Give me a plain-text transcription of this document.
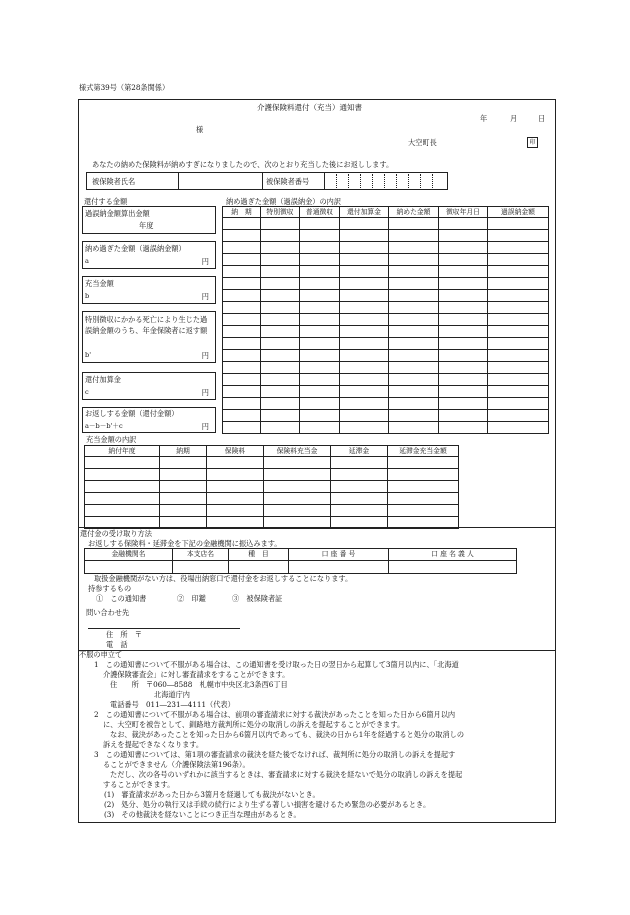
様式第39号（第28条関係）
介護保険料還付（充当）通知書
年	月	日
様
大空町長	印
あなたの納めた保険料が納めすぎになりましたので、次のとおり充当した後にお返しします。
被保険者氏名	被保険者番号
還付する金額	納め過ぎた金額（過誤納金）の内訳
過誤納金額算出金額
年度
納め過ぎた金額（過誤納金額）
a	円
充当金額
b	円
特別徴収にかかる死亡により生じた過誤納金額のうち、年金保険者に返す額
b'	円
還付加算金
c	円
お返しする金額（還付金額）
a－b－b'＋c	円
納　期	特別徴収	普通徴収	還付加算金	納めた金額	徴収年月日	過誤納金額

充当金額の内訳
納付年度	納期	保険料	保険料充当金	延滞金	延滞金充当金額

還付金の受け取り方法
お返しする保険料・延滞金を下記の金融機関に振込みます。
金融機関名	本支店名	種　目	口 座 番 号	口 座 名 義 人

取扱金融機関がない方は、役場出納窓口で還付金をお返しすることになります。
持参するもの
①　この通知書	②　印鑑	③　被保険者証
問い合わせ先
住　所　〒
電　話
不服の申立て
1　この通知書について不服がある場合は、この通知書を受け取った日の翌日から起算して3箇月以内に、「北海道
介護保険審査会」に対し審査請求をすることができます。
住　　所　〒060―8588　札幌市中央区北3条西6丁目
北海道庁内
電話番号　011―231―4111（代表）
2　この通知書について不服がある場合は、前項の審査請求に対する裁決があったことを知った日から6箇月以内
に、大空町を被告として、釧路地方裁判所に処分の取消しの訴えを提起することができます。
なお、裁決があったことを知った日から6箇月以内であっても、裁決の日から1年を経過すると処分の取消しの
訴えを提起できなくなります。
3　この通知書については、第1項の審査請求の裁決を経た後でなければ、裁判所に処分の取消しの訴えを提起す
ることができません（介護保険法第196条）。
ただし、次の各号のいずれかに該当するときは、審査請求に対する裁決を経ないで処分の取消しの訴えを提起
することができます。
(1)　審査請求があった日から3箇月を経過しても裁決がないとき。
(2)　処分、処分の執行又は手続の続行により生ずる著しい損害を避けるため緊急の必要があるとき。
(3)　その他裁決を経ないことにつき正当な理由があるとき。
